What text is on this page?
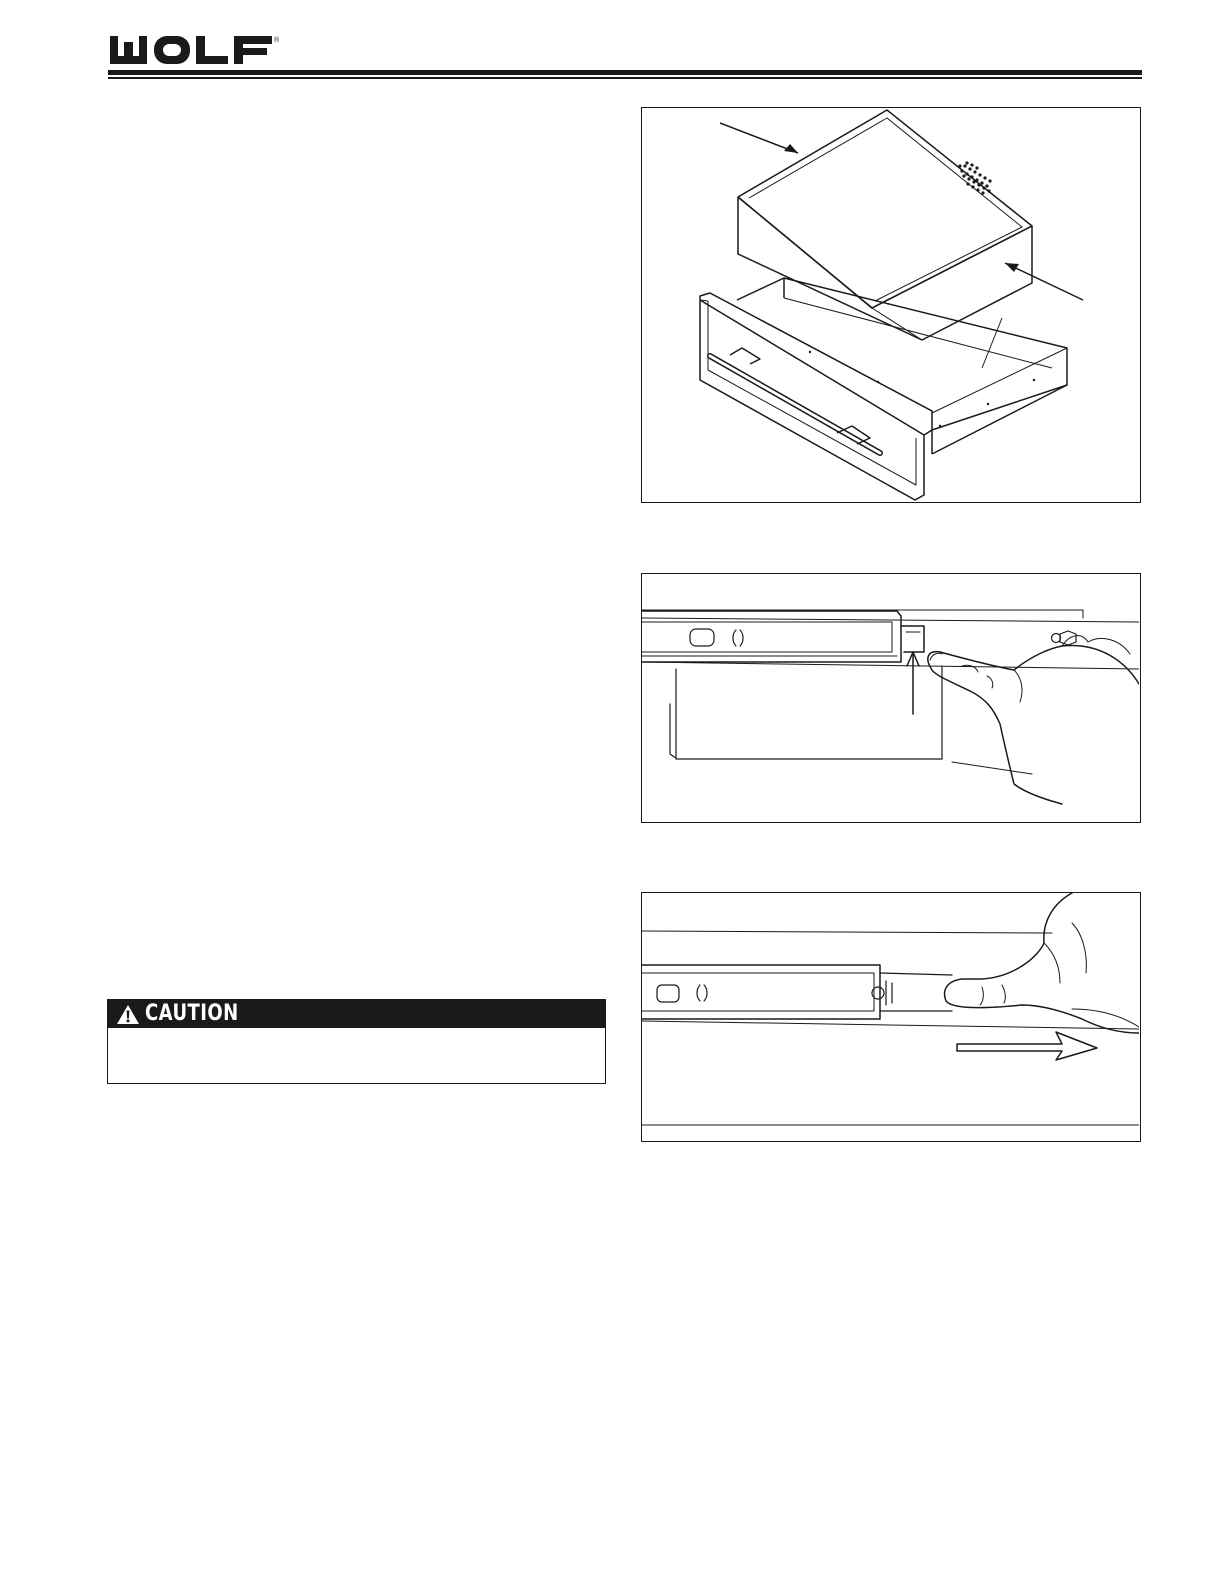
®
CAUTION
